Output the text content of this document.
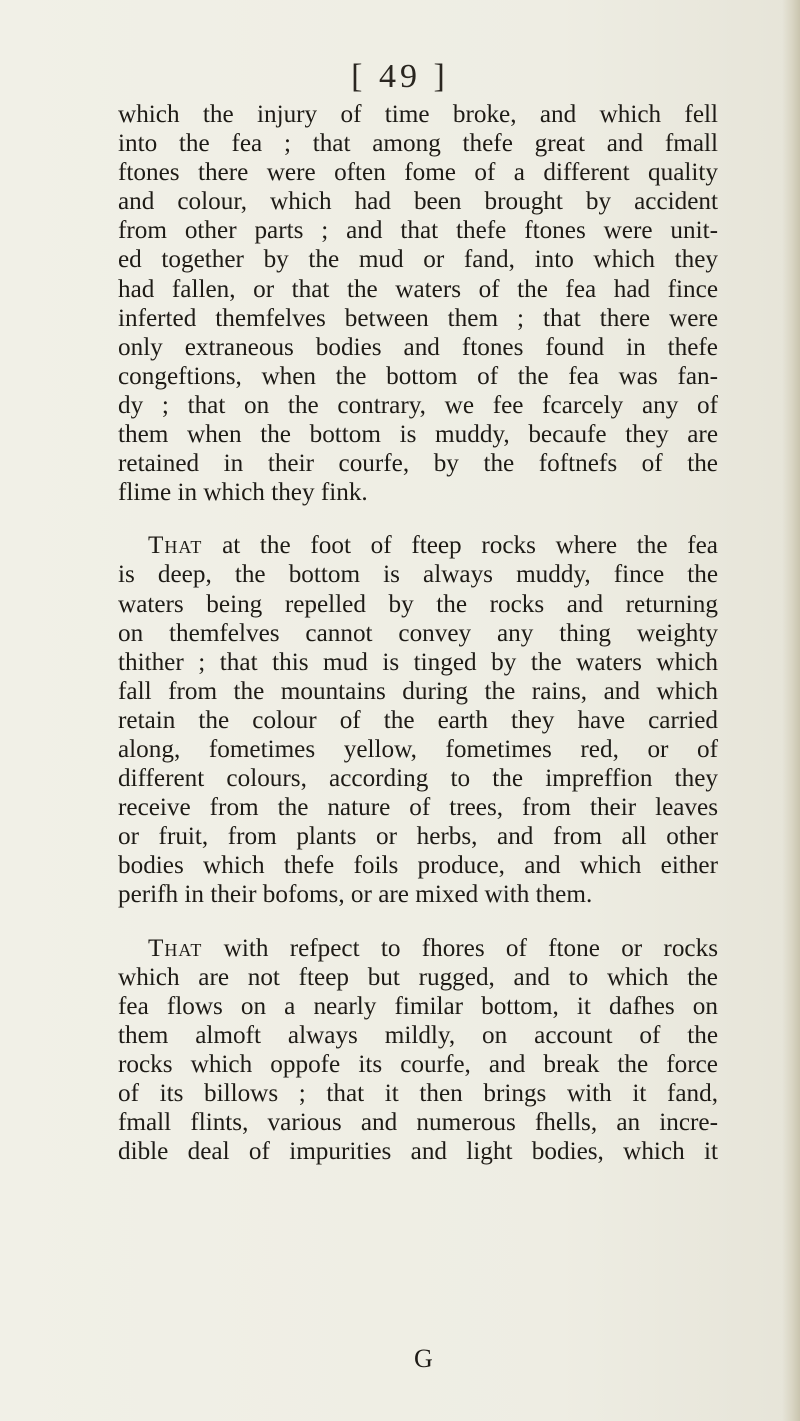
[ 49 ]
which the injury of time broke, and which fell
into the fea ; that among thefe great and fmall
ftones there were often fome of a different quality
and colour, which had been brought by accident
from other parts ; and that thefe ftones were unit-
ed together by the mud or fand, into which they
had fallen, or that the waters of the fea had fince
inferted themfelves between them ; that there were
only extraneous bodies and ftones found in thefe
congeftions, when the bottom of the fea was fan-
dy ; that on the contrary, we fee fcarcely any of
them when the bottom is muddy, becaufe they are
retained in their courfe, by the foftnefs of the
flime in which they fink.
That at the foot of fteep rocks where the fea
is deep, the bottom is always muddy, fince the
waters being repelled by the rocks and returning
on themfelves cannot convey any thing weighty
thither ; that this mud is tinged by the waters which
fall from the mountains during the rains, and which
retain the colour of the earth they have carried
along, fometimes yellow, fometimes red, or of
different colours, according to the impreffion they
receive from the nature of trees, from their leaves
or fruit, from plants or herbs, and from all other
bodies which thefe foils produce, and which either
perifh in their bofoms, or are mixed with them.
That with refpect to fhores of ftone or rocks
which are not fteep but rugged, and to which the
fea flows on a nearly fimilar bottom, it dafhes on
them almoft always mildly, on account of the
rocks which oppofe its courfe, and break the force
of its billows ; that it then brings with it fand,
fmall flints, various and numerous fhells, an incre-
dible deal of impurities and light bodies, which it
G
